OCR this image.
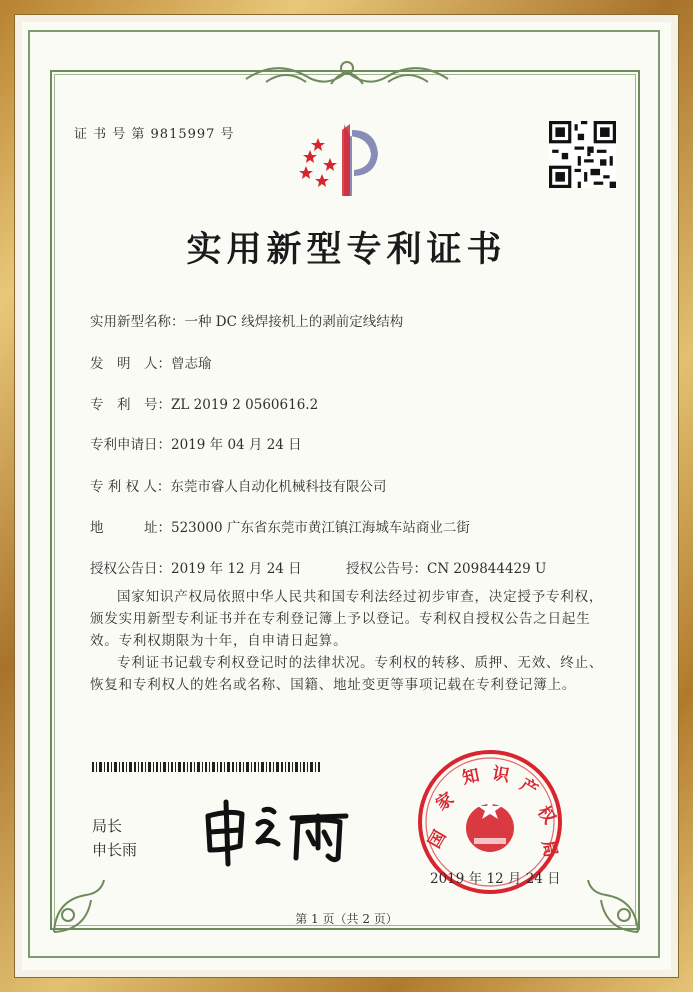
证 书 号 第 9815997 号
实用新型专利证书
实用新型名称：一种 DC 线焊接机上的剥前定线结构
发　明　人：曾志瑜
专　利　号：ZL 2019 2 0560616.2
专利申请日：2019 年 04 月 24 日
专 利 权 人：东莞市睿人自动化机械科技有限公司
地　　　址：523000 广东省东莞市黄江镇江海城车站商业二街
授权公告日：2019 年 12 月 24 日	授权公告号：CN 209844429 U
国家知识产权局依照中华人民共和国专利法经过初步审查，决定授予专利权，颁发实用新型专利证书并在专利登记簿上予以登记。专利权自授权公告之日起生效。专利权期限为十年，自申请日起算。
专利证书记载专利权登记时的法律状况。专利权的转移、质押、无效、终止、恢复和专利权人的姓名或名称、国籍、地址变更等事项记载在专利登记簿上。
局长
申长雨	国
家
知 识 产
权
局
2019 年 12 月 24 日
第 1 页（共 2 页）
